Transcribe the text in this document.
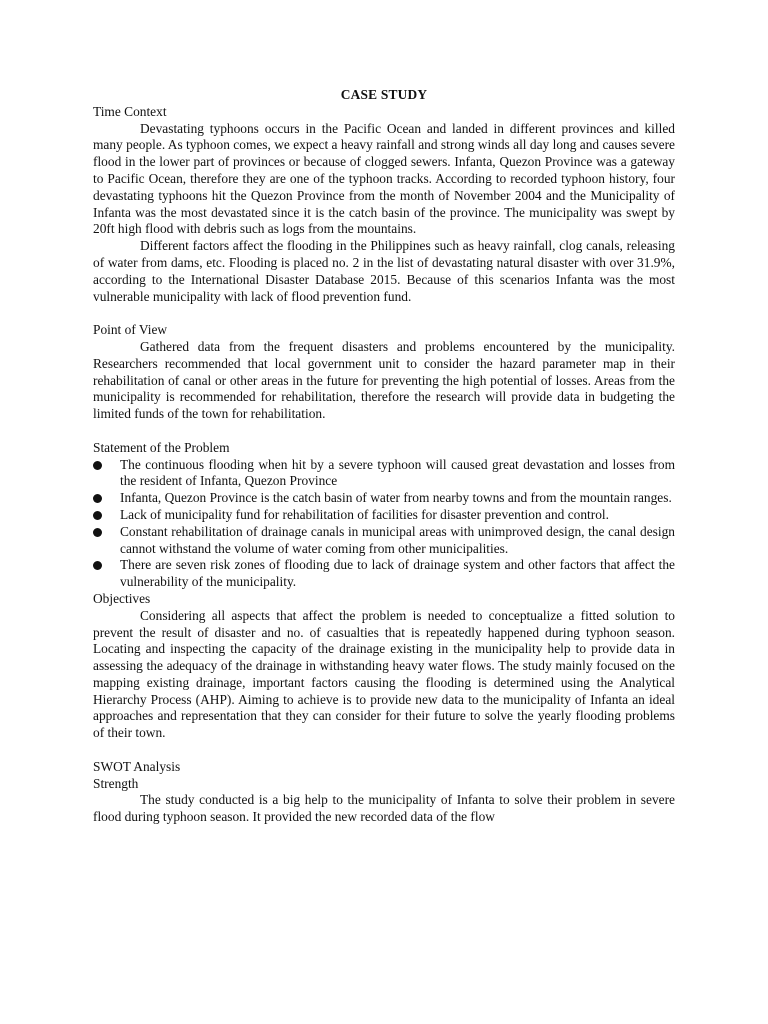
CASE STUDY

Time Context

Devastating typhoons occurs in the Pacific Ocean and landed in different provinces and killed many people. As typhoon comes, we expect a heavy rainfall and strong winds all day long and causes severe flood in the lower part of provinces or because of clogged sewers. Infanta, Quezon Province was a gateway to Pacific Ocean, therefore they are one of the typhoon tracks. According to recorded typhoon history, four devastating typhoons hit the Quezon Province from the month of November 2004 and the Municipality of Infanta was the most devastated since it is the catch basin of the province. The municipality was swept by 20ft high flood with debris such as logs from the mountains.

Different factors affect the flooding in the Philippines such as heavy rainfall, clog canals, releasing of water from dams, etc. Flooding is placed no. 2 in the list of devastating natural disaster with over 31.9%, according to the International Disaster Database 2015. Because of this scenarios Infanta was the most vulnerable municipality with lack of flood prevention fund.

Point of View

Gathered data from the frequent disasters and problems encountered by the municipality. Researchers recommended that local government unit to consider the hazard parameter map in their rehabilitation of canal or other areas in the future for preventing the high potential of losses. Areas from the municipality is recommended for rehabilitation, therefore the research will provide data in budgeting the limited funds of the town for rehabilitation.

Statement of the Problem

The continuous flooding when hit by a severe typhoon will caused great devastation and losses from the resident of Infanta, Quezon Province
Infanta, Quezon Province is the catch basin of water from nearby towns and from the mountain ranges.
Lack of municipality fund for rehabilitation of facilities for disaster prevention and control.
Constant rehabilitation of drainage canals in municipal areas with unimproved design, the canal design cannot withstand the volume of water coming from other municipalities.
There are seven risk zones of flooding due to lack of drainage system and other factors that affect the vulnerability of the municipality.

Objectives

Considering all aspects that affect the problem is needed to conceptualize a fitted solution to prevent the result of disaster and no. of casualties that is repeatedly happened during typhoon season. Locating and inspecting the capacity of the drainage existing in the municipality help to provide data in assessing the adequacy of the drainage in withstanding heavy water flows. The study mainly focused on the mapping existing drainage, important factors causing the flooding is determined using the Analytical Hierarchy Process (AHP). Aiming to achieve is to provide new data to the municipality of Infanta an ideal approaches and representation that they can consider for their future to solve the yearly flooding problems of their town.

SWOT Analysis

Strength

The study conducted is a big help to the municipality of Infanta to solve their problem in severe flood during typhoon season. It provided the new recorded data of the flow
